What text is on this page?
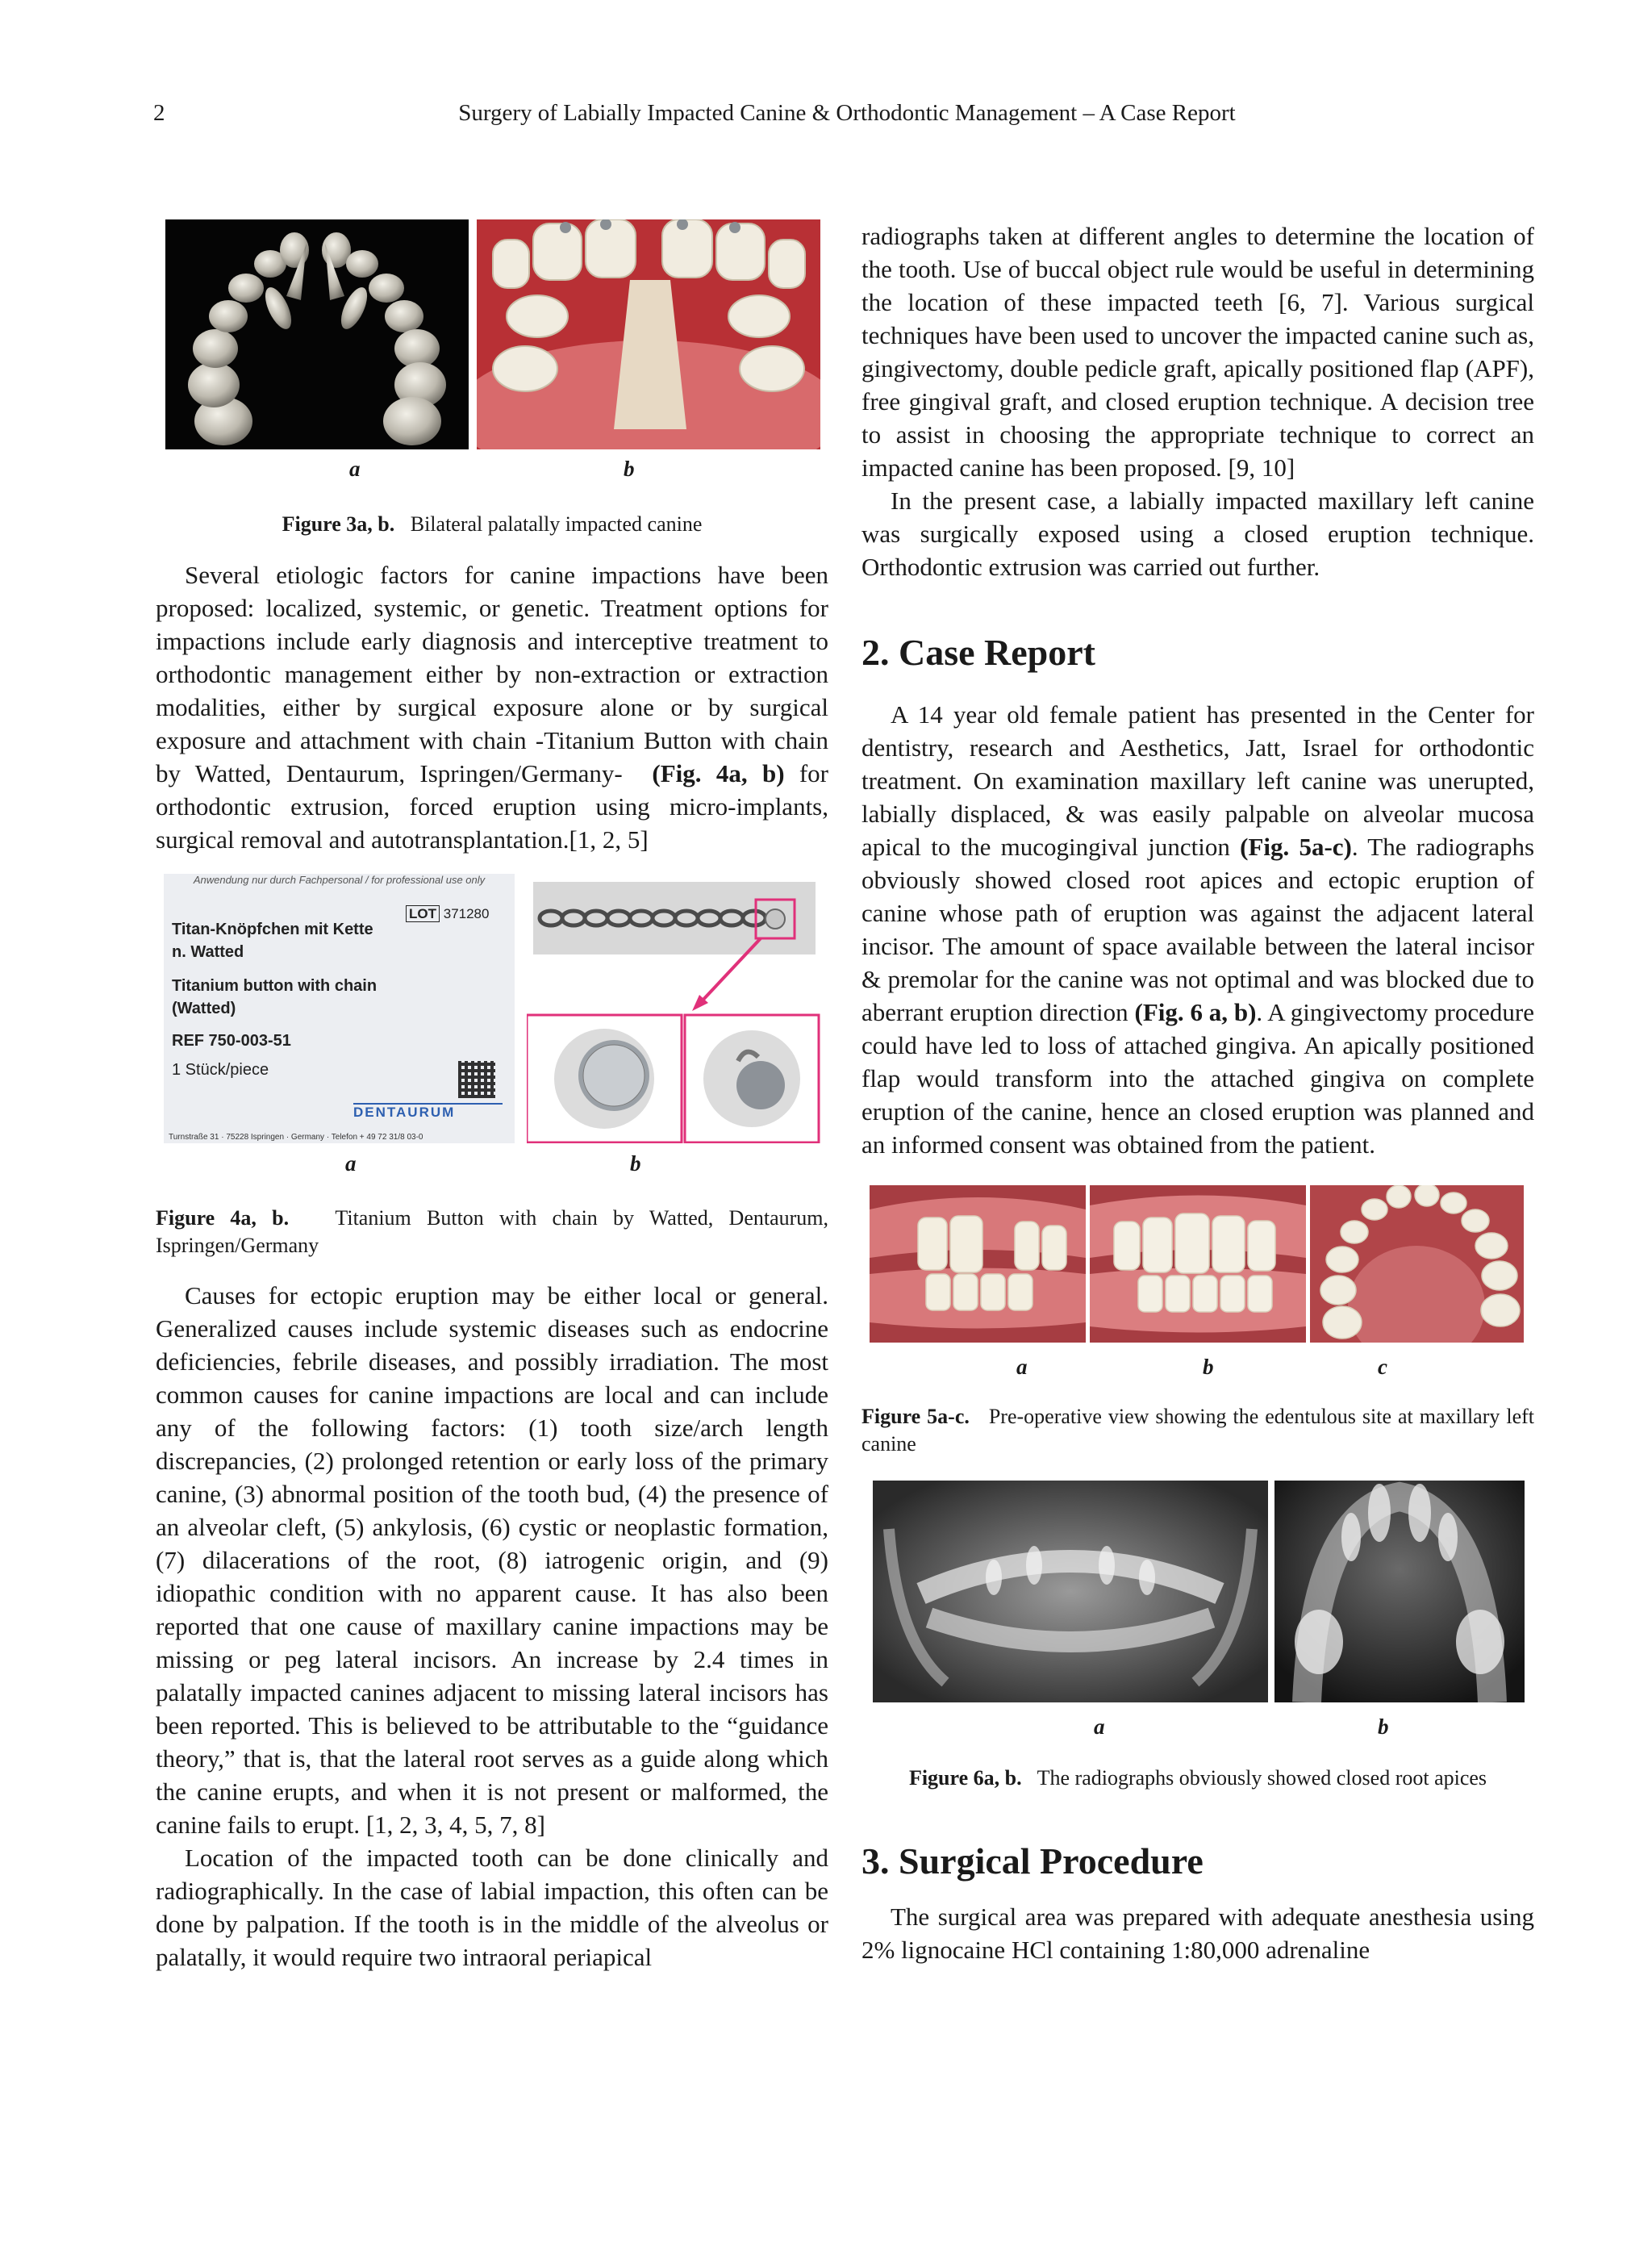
2	Surgery of Labially Impacted Canine & Orthodontic Management – A Case Report
a	b
Figure 3a, b. Bilateral palatally impacted canine

Several etiologic factors for canine impactions have been proposed: localized, systemic, or genetic. Treatment options for impactions include early diagnosis and interceptive treatment to orthodontic management either by non-extraction or extraction modalities, either by surgical exposure alone or by surgical exposure and attachment with chain -Titanium Button with chain by Watted, Dentaurum, Ispringen/Germany- (Fig. 4a, b) for orthodontic extrusion, forced eruption using micro-implants, surgical removal and autotransplantation.[1, 2, 5]

Anwendung nur durch Fachpersonal / for professional use only
LOT 371280
Titan-Knöpfchen mit Kette
n. Watted
Titanium button with chain
(Watted)
REF 750-003-51
1 Stück/piece
DENTAURUM
Turnstraße 31 · 75228 Ispringen · Germany · Telefon + 49 72 31/8 03-0
a	b
Figure 4a, b. Titanium Button with chain by Watted, Dentaurum, Ispringen/Germany

Causes for ectopic eruption may be either local or general. Generalized causes include systemic diseases such as endocrine deficiencies, febrile diseases, and possibly irradiation. The most common causes for canine impactions are local and can include any of the following factors: (1) tooth size/arch length discrepancies, (2) prolonged retention or early loss of the primary canine, (3) abnormal position of the tooth bud, (4) the presence of an alveolar cleft, (5) ankylosis, (6) cystic or neoplastic formation, (7) dilacerations of the root, (8) iatrogenic origin, and (9) idiopathic condition with no apparent cause. It has also been reported that one cause of maxillary canine impactions may be missing or peg lateral incisors. An increase by 2.4 times in palatally impacted canines adjacent to missing lateral incisors has been reported. This is believed to be attributable to the “guidance theory,” that is, that the lateral root serves as a guide along which the canine erupts, and when it is not present or malformed, the canine fails to erupt. [1, 2, 3, 4, 5, 7, 8]

Location of the impacted tooth can be done clinically and radiographically. In the case of labial impaction, this often can be done by palpation. If the tooth is in the middle of the alveolus or palatally, it would require two intraoral periapical

radiographs taken at different angles to determine the location of the tooth. Use of buccal object rule would be useful in determining the location of these impacted teeth [6, 7]. Various surgical techniques have been used to uncover the impacted canine such as, gingivectomy, double pedicle graft, apically positioned flap (APF), free gingival graft, and closed eruption technique. A decision tree to assist in choosing the appropriate technique to correct an impacted canine has been proposed. [9, 10]

In the present case, a labially impacted maxillary left canine was surgically exposed using a closed eruption technique. Orthodontic extrusion was carried out further.

2. Case Report

A 14 year old female patient has presented in the Center for dentistry, research and Aesthetics, Jatt, Israel for orthodontic treatment. On examination maxillary left canine was unerupted, labially displaced, & was easily palpable on alveolar mucosa apical to the mucogingival junction (Fig. 5a-c). The radiographs obviously showed closed root apices and ectopic eruption of canine whose path of eruption was against the adjacent lateral incisor. The amount of space available between the lateral incisor & premolar for the canine was not optimal and was blocked due to aberrant eruption direction (Fig. 6 a, b). A gingivectomy procedure could have led to loss of attached gingiva. An apically positioned flap would transform into the attached gingiva on complete eruption of the canine, hence an closed eruption was planned and an informed consent was obtained from the patient.

a	b	c
Figure 5a-c. Pre-operative view showing the edentulous site at maxillary left canine
a	b
Figure 6a, b. The radiographs obviously showed closed root apices
3. Surgical Procedure

The surgical area was prepared with adequate anesthesia using 2% lignocaine HCl containing 1:80,000 adrenaline
